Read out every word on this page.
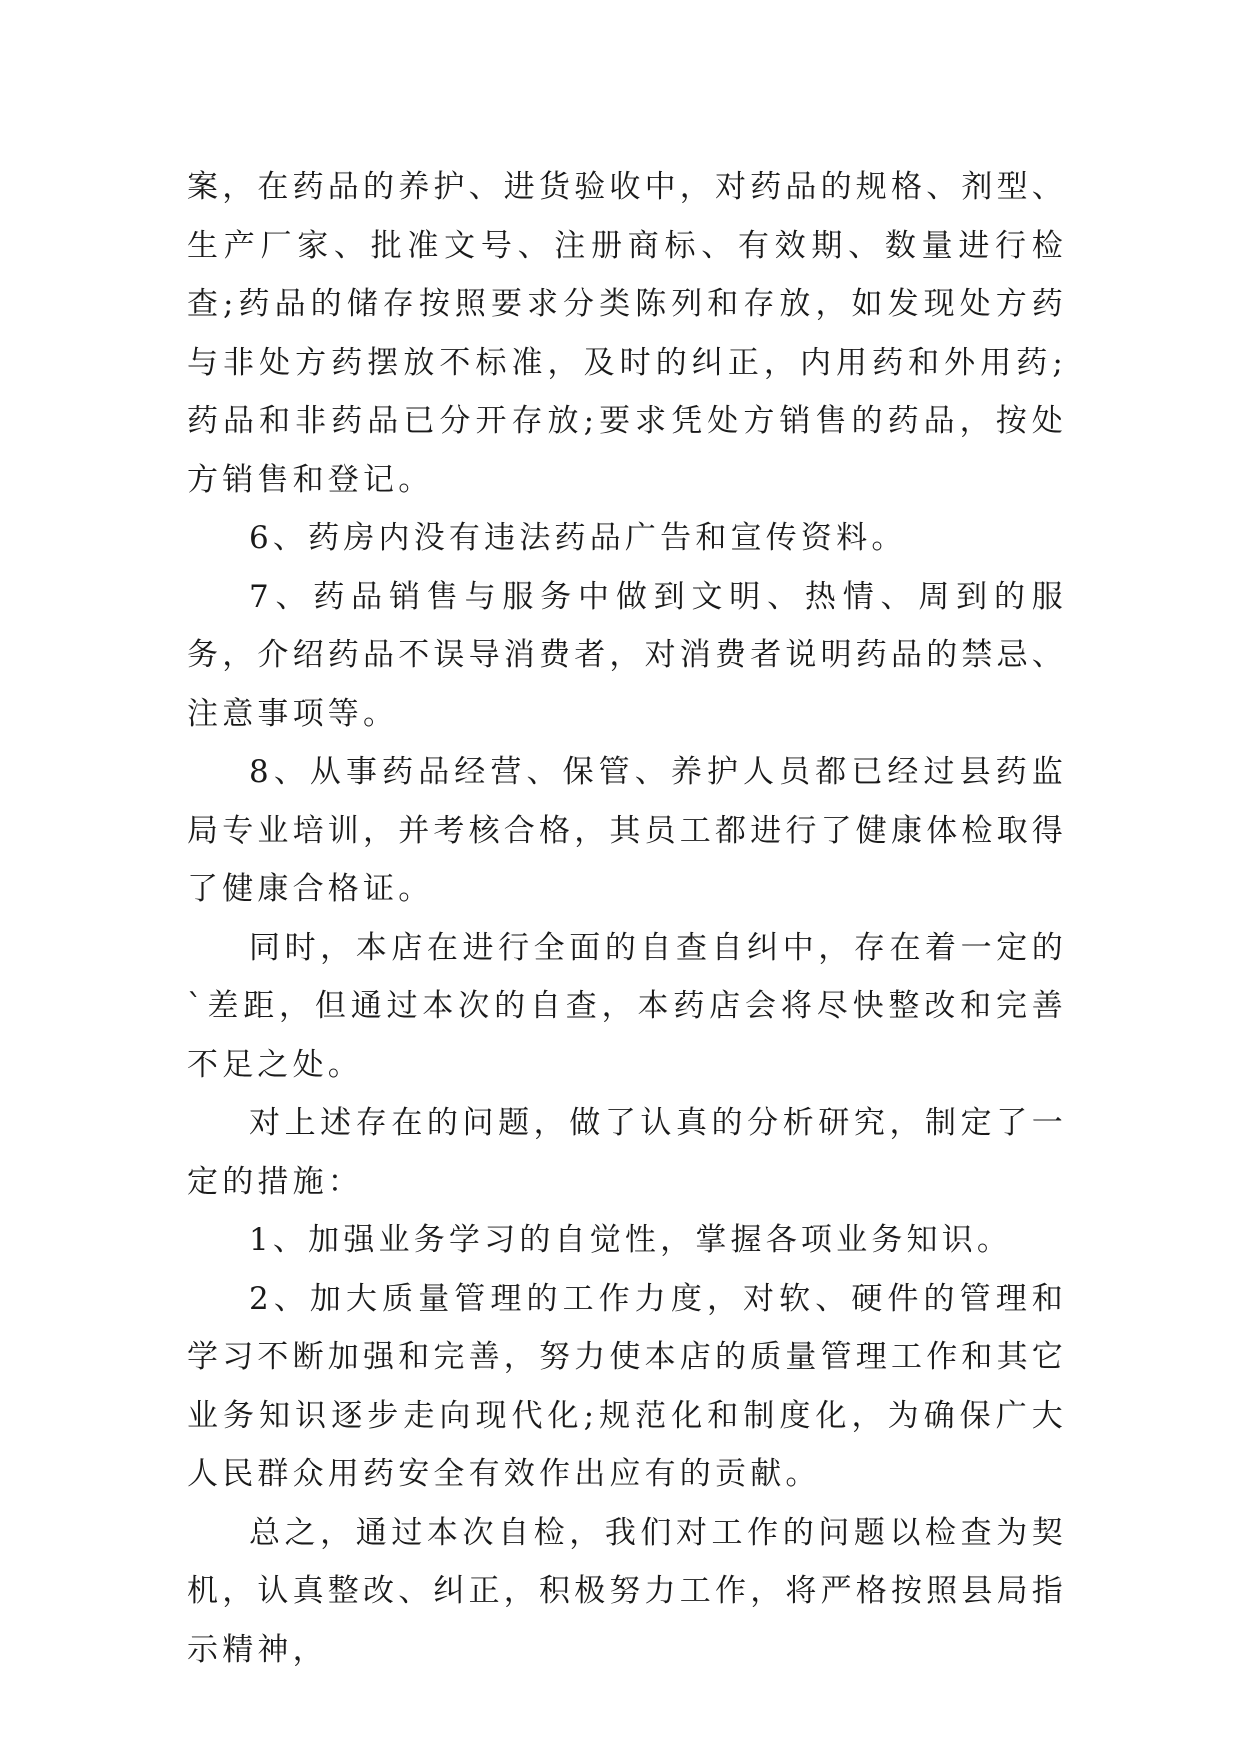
案，在药品的养护、进货验收中，对药品的规格、剂型、生产厂家、批准文号、注册商标、有效期、数量进行检查;药品的储存按照要求分类陈列和存放，如发现处方药与非处方药摆放不标准，及时的纠正，内用药和外用药;药品和非药品已分开存放;要求凭处方销售的药品，按处方销售和登记。

6、药房内没有违法药品广告和宣传资料。

7、药品销售与服务中做到文明、热情、周到的服务，介绍药品不误导消费者，对消费者说明药品的禁忌、注意事项等。

8、从事药品经营、保管、养护人员都已经过县药监局专业培训，并考核合格，其员工都进行了健康体检取得了健康合格证。

同时，本店在进行全面的自查自纠中，存在着一定的`差距，但通过本次的自查，本药店会将尽快整改和完善不足之处。

对上述存在的问题，做了认真的分析研究，制定了一定的措施：

1、加强业务学习的自觉性，掌握各项业务知识。

2、加大质量管理的工作力度，对软、硬件的管理和学习不断加强和完善，努力使本店的质量管理工作和其它业务知识逐步走向现代化;规范化和制度化，为确保广大人民群众用药安全有效作出应有的贡献。

总之，通过本次自检，我们对工作的问题以检查为契机，认真整改、纠正，积极努力工作，将严格按照县局指示精神，
